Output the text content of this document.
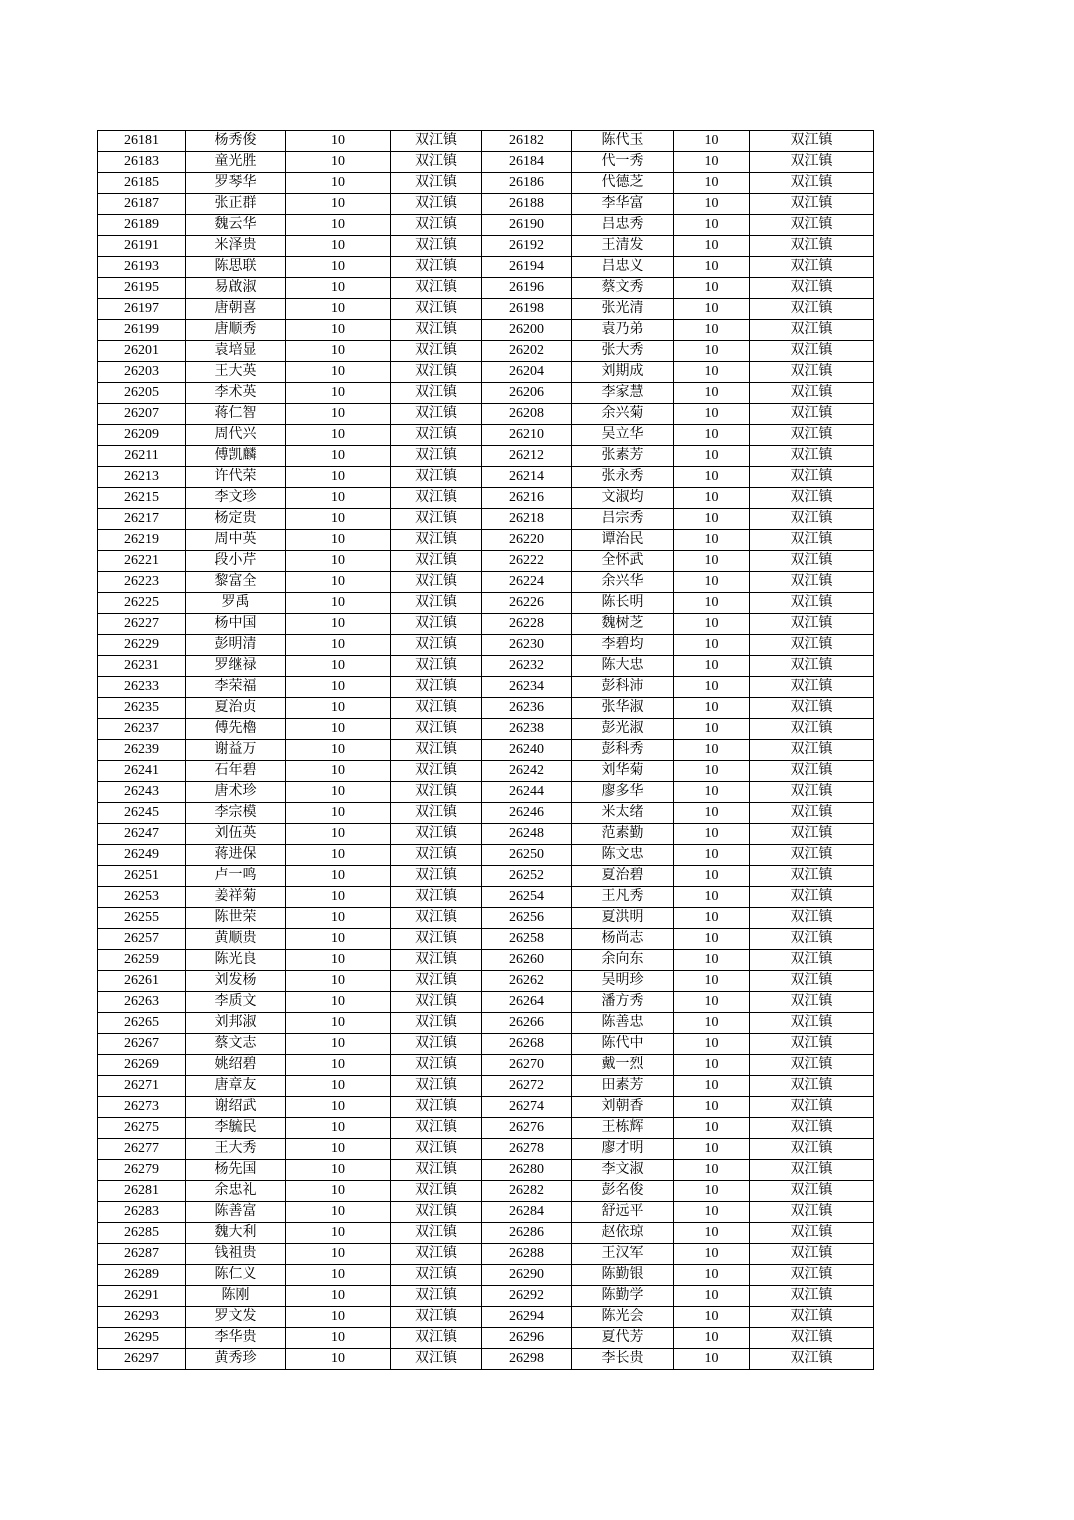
26181	杨秀俊	10	双江镇	26182	陈代玉	10	双江镇
26183	童光胜	10	双江镇	26184	代一秀	10	双江镇
26185	罗琴华	10	双江镇	26186	代德芝	10	双江镇
26187	张正群	10	双江镇	26188	李华富	10	双江镇
26189	魏云华	10	双江镇	26190	吕忠秀	10	双江镇
26191	米泽贵	10	双江镇	26192	王清发	10	双江镇
26193	陈思联	10	双江镇	26194	吕忠义	10	双江镇
26195	易啟淑	10	双江镇	26196	蔡文秀	10	双江镇
26197	唐朝喜	10	双江镇	26198	张光清	10	双江镇
26199	唐顺秀	10	双江镇	26200	袁乃弟	10	双江镇
26201	袁培显	10	双江镇	26202	张大秀	10	双江镇
26203	王大英	10	双江镇	26204	刘期成	10	双江镇
26205	李术英	10	双江镇	26206	李家慧	10	双江镇
26207	蒋仁智	10	双江镇	26208	余兴菊	10	双江镇
26209	周代兴	10	双江镇	26210	吴立华	10	双江镇
26211	傅凯麟	10	双江镇	26212	张素芳	10	双江镇
26213	许代荣	10	双江镇	26214	张永秀	10	双江镇
26215	李文珍	10	双江镇	26216	文淑均	10	双江镇
26217	杨定贵	10	双江镇	26218	吕宗秀	10	双江镇
26219	周中英	10	双江镇	26220	谭治民	10	双江镇
26221	段小芹	10	双江镇	26222	全怀武	10	双江镇
26223	黎富全	10	双江镇	26224	余兴华	10	双江镇
26225	罗禹	10	双江镇	26226	陈长明	10	双江镇
26227	杨中国	10	双江镇	26228	魏树芝	10	双江镇
26229	彭明清	10	双江镇	26230	李碧均	10	双江镇
26231	罗继禄	10	双江镇	26232	陈大忠	10	双江镇
26233	李荣福	10	双江镇	26234	彭科沛	10	双江镇
26235	夏治贞	10	双江镇	26236	张华淑	10	双江镇
26237	傅先櫓	10	双江镇	26238	彭光淑	10	双江镇
26239	谢益万	10	双江镇	26240	彭科秀	10	双江镇
26241	石年碧	10	双江镇	26242	刘华菊	10	双江镇
26243	唐术珍	10	双江镇	26244	廖多华	10	双江镇
26245	李宗模	10	双江镇	26246	米太绪	10	双江镇
26247	刘伍英	10	双江镇	26248	范素勤	10	双江镇
26249	蒋进保	10	双江镇	26250	陈文忠	10	双江镇
26251	卢一鸣	10	双江镇	26252	夏治碧	10	双江镇
26253	姜祥菊	10	双江镇	26254	王凡秀	10	双江镇
26255	陈世荣	10	双江镇	26256	夏洪明	10	双江镇
26257	黄顺贵	10	双江镇	26258	杨尚志	10	双江镇
26259	陈光良	10	双江镇	26260	余向东	10	双江镇
26261	刘发杨	10	双江镇	26262	吴明珍	10	双江镇
26263	李质文	10	双江镇	26264	潘方秀	10	双江镇
26265	刘邦淑	10	双江镇	26266	陈善忠	10	双江镇
26267	蔡文志	10	双江镇	26268	陈代中	10	双江镇
26269	姚绍碧	10	双江镇	26270	戴一烈	10	双江镇
26271	唐章友	10	双江镇	26272	田素芳	10	双江镇
26273	谢绍武	10	双江镇	26274	刘朝香	10	双江镇
26275	李毓民	10	双江镇	26276	王栋辉	10	双江镇
26277	王大秀	10	双江镇	26278	廖才明	10	双江镇
26279	杨先国	10	双江镇	26280	李文淑	10	双江镇
26281	余忠礼	10	双江镇	26282	彭名俊	10	双江镇
26283	陈善富	10	双江镇	26284	舒远平	10	双江镇
26285	魏大利	10	双江镇	26286	赵依琼	10	双江镇
26287	钱祖贵	10	双江镇	26288	王汉军	10	双江镇
26289	陈仁义	10	双江镇	26290	陈勤银	10	双江镇
26291	陈刚	10	双江镇	26292	陈勤学	10	双江镇
26293	罗文发	10	双江镇	26294	陈光会	10	双江镇
26295	李华贵	10	双江镇	26296	夏代芳	10	双江镇
26297	黄秀珍	10	双江镇	26298	李长贵	10	双江镇
